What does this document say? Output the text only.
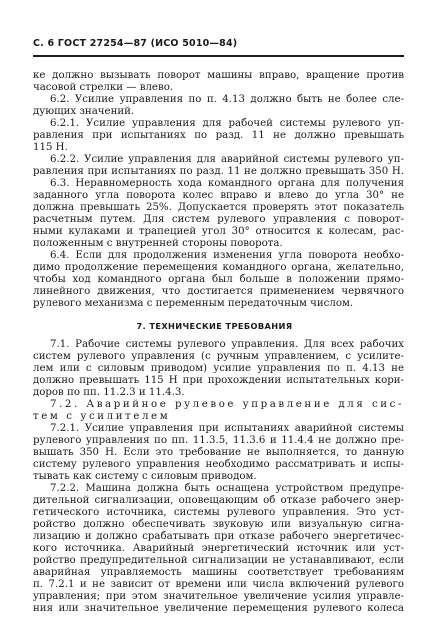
С. 6 ГОСТ 27254—87 (ИСО 5010—84)
ке должно вызывать поворот машины вправо, вращение против
часовой стрелки — влево.
6.2. Усилие управления по п. 4.13 должно быть не более сле-
дующих значений.
6.2.1. Усилие управления для рабочей системы рулевого уп-
равления при испытаниях по разд. 11 не должно превышать
115 Н.
6.2.2. Усилие управления для аварийной системы рулевого уп-
равления при испытаниях по разд. 11 не должно превышать 350 Н.
6.3. Неравномерность хода командного органа для получения
заданного угла поворота колес вправо и влево до угла 30° не
должна превышать 25%. Допускается проверять этот показатель
расчетным путем. Для систем рулевого управления с поворот-
ными кулаками и трапецией угол 30° относится к колесам, рас-
положенным с внутренней стороны поворота.
6.4. Если для продолжения изменения угла поворота необхо-
димо продолжение перемещения командного органа, желательно,
чтобы ход командного органа был больше в положении прямо-
линейного движения, что достигается применением червячного
рулевого механизма с переменным передаточным числом.
7. ТЕХНИЧЕСКИЕ ТРЕБОВАНИЯ
7.1. Рабочие системы рулевого управления. Для всех рабочих
систем рулевого управления (с ручным управлением, с усилите-
лем или с силовым приводом) усилие управления по п. 4.13 не
должно превышать 115 Н при прохождении испытательных кори-
доров по пп. 11.2.3 и 11.4.3.
7.2. Аварийное рулевое управление для сис-
тем с усилителем
7.2.1. Усилие управления при испытаниях аварийной системы
рулевого управления по пп. 11.3.5, 11.3.6 и 11.4.4 не должно пре-
вышать 350 Н. Если это требование не выполняется, то данную
систему рулевого управления необходимо рассматривать и испы-
тывать как систему с силовым приводом.
7.2.2. Машина должна быть оснащена устройством предупре-
дительной сигнализации, оповещающим об отказе рабочего энер-
гетического источника, системы рулевого управления. Это уст-
ройство должно обеспечивать звуковую или визуальную сигна-
лизацию и должно срабатывать при отказе рабочего энергетичес-
кого источника. Аварийный энергетический источник или уст-
ройство предупредительной сигнализации не устанавливают, если
аварийная управляемость машины соответствует требованиям
п. 7.2.1 и не зависит от времени или числа включений рулевого
управления; при этом значительное увеличение усилия управле-
ния или значительное увеличение перемещения рулевого колеса
